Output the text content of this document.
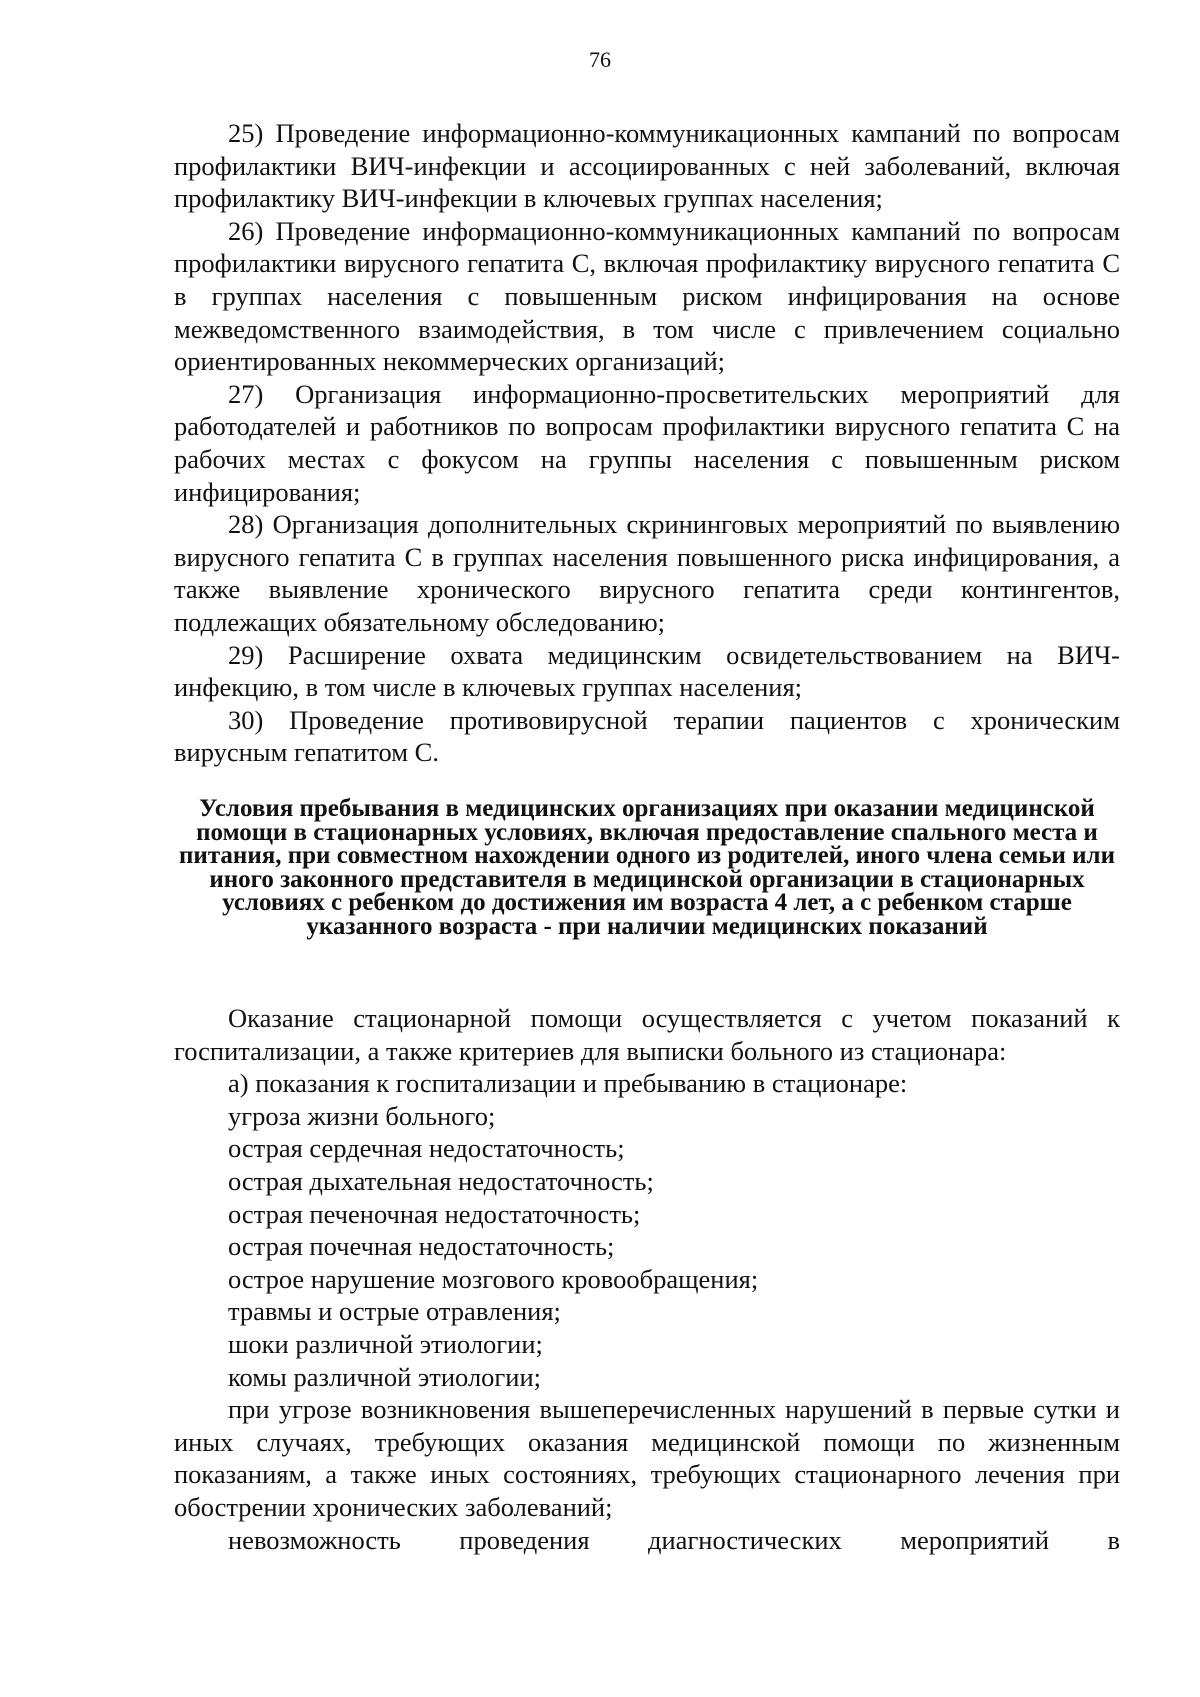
76

25) Проведение информационно-коммуникационных кампаний по вопросам профилактики ВИЧ-инфекции и ассоциированных с ней заболеваний, включая профилактику ВИЧ-инфекции в ключевых группах населения;

26) Проведение информационно-коммуникационных кампаний по вопросам профилактики вирусного гепатита С, включая профилактику вирусного гепатита С в группах населения с повышенным риском инфицирования на основе межведомственного взаимодействия, в том числе с привлечением социально ориентированных некоммерческих организаций;

27) Организация информационно-просветительских мероприятий для работодателей и работников по вопросам профилактики вирусного гепатита С на рабочих местах с фокусом на группы населения с повышенным риском инфицирования;

28) Организация дополнительных скрининговых мероприятий по выявлению вирусного гепатита С в группах населения повышенного риска инфицирования, а также выявление хронического вирусного гепатита среди контингентов, подлежащих обязательному обследованию;

29) Расширение охвата медицинским освидетельствованием на ВИЧ-инфекцию, в том числе в ключевых группах населения;

30) Проведение противовирусной терапии пациентов с хроническим вирусным гепатитом С.

Условия пребывания в медицинских организациях при оказании медицинской помощи в стационарных условиях, включая предоставление спального места и питания, при совместном нахождении одного из родителей, иного члена семьи или иного законного представителя в медицинской организации в стационарных условиях с ребенком до достижения им возраста 4 лет, а с ребенком старше указанного возраста - при наличии медицинских показаний

Оказание стационарной помощи осуществляется с учетом показаний к госпитализации, а также критериев для выписки больного из стационара:

а) показания к госпитализации и пребыванию в стационаре:

угроза жизни больного;

острая сердечная недостаточность;

острая дыхательная недостаточность;

острая печеночная недостаточность;

острая почечная недостаточность;

острое нарушение мозгового кровообращения;

травмы и острые отравления;

шоки различной этиологии;

комы различной этиологии;

при угрозе возникновения вышеперечисленных нарушений в первые сутки и иных случаях, требующих оказания медицинской помощи по жизненным показаниям, а также иных состояниях, требующих стационарного лечения при обострении хронических заболеваний;

невозможность проведения диагностических мероприятий в
